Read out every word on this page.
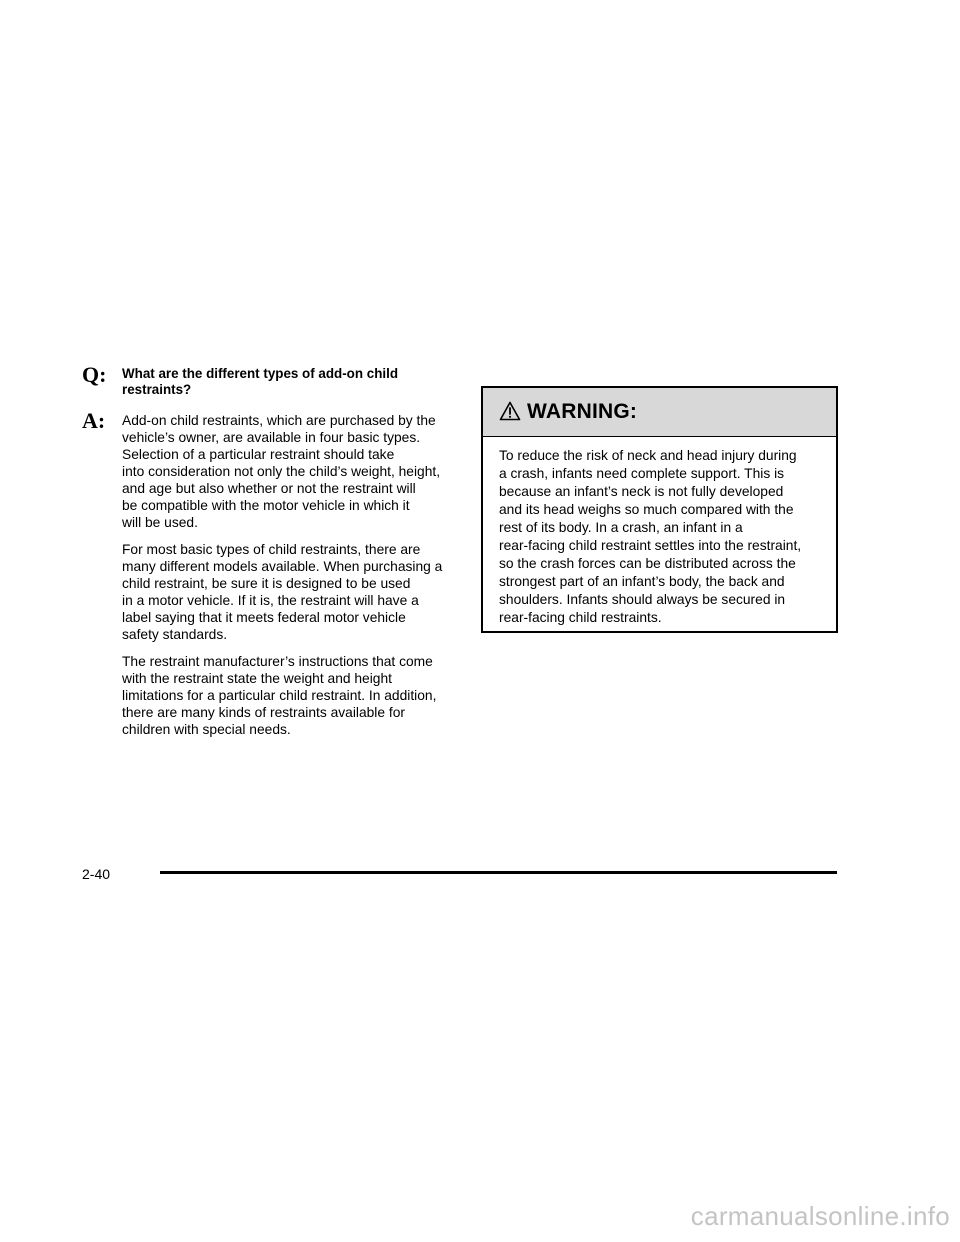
Q: What are the different types of add-on child restraints?

A: Add-on child restraints, which are purchased by the
vehicle’s owner, are available in four basic types.
Selection of a particular restraint should take
into consideration not only the child’s weight, height,
and age but also whether or not the restraint will
be compatible with the motor vehicle in which it
will be used.

For most basic types of child restraints, there are
many different models available. When purchasing a
child restraint, be sure it is designed to be used
in a motor vehicle. If it is, the restraint will have a
label saying that it meets federal motor vehicle
safety standards.

The restraint manufacturer’s instructions that come
with the restraint state the weight and height
limitations for a particular child restraint. In addition,
there are many kinds of restraints available for
children with special needs.

WARNING:

To reduce the risk of neck and head injury during
a crash, infants need complete support. This is
because an infant’s neck is not fully developed
and its head weighs so much compared with the
rest of its body. In a crash, an infant in a
rear-facing child restraint settles into the restraint,
so the crash forces can be distributed across the
strongest part of an infant’s body, the back and
shoulders. Infants should always be secured in
rear-facing child restraints.

2-40
carmanualsonline.info
